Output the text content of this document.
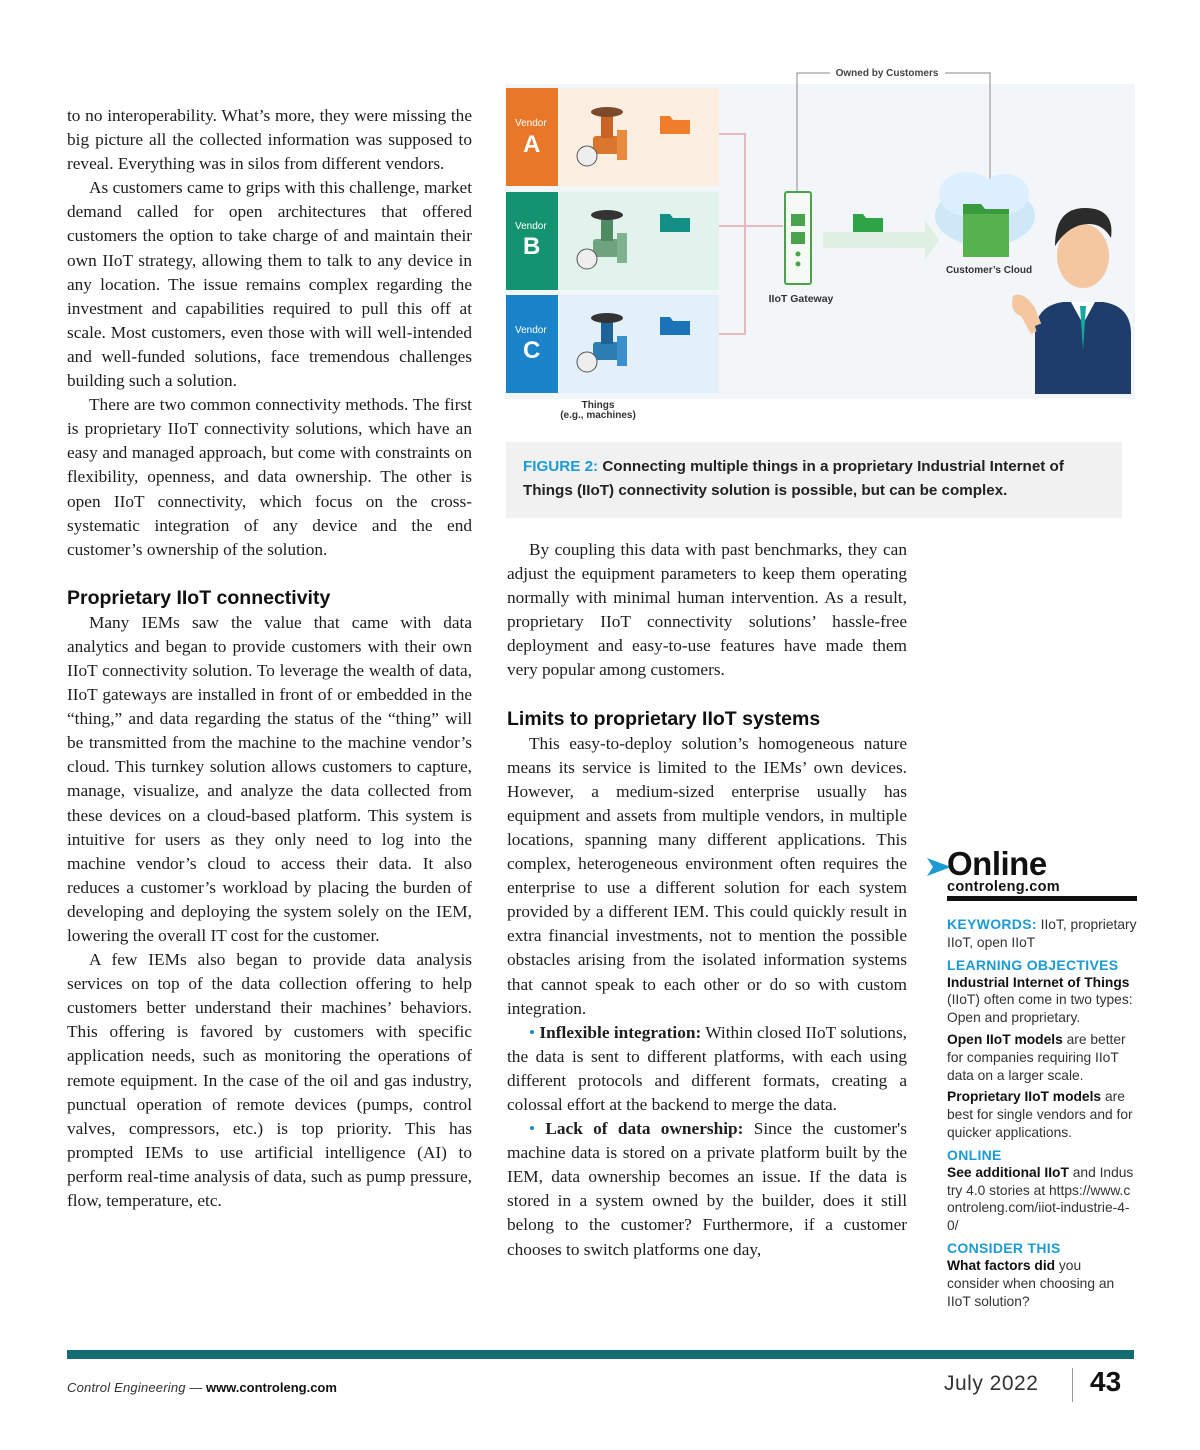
to no interoperability. What’s more, they were missing the big picture all the collected information was supposed to reveal. Everything was in silos from different vendors.

As customers came to grips with this challenge, market demand called for open architectures that offered customers the option to take charge of and maintain their own IIoT strategy, allowing them to talk to any device in any location. The issue remains complex regarding the investment and capabilities required to pull this off at scale. Most customers, even those with will well-intended and well-funded solutions, face tremendous challenges building such a solution.

There are two common connectivity methods. The first is proprietary IIoT connectivity solutions, which have an easy and managed approach, but come with constraints on flexibility, openness, and data ownership. The other is open IIoT connectivity, which focus on the cross-systematic integration of any device and the end customer’s ownership of the solution.

Proprietary IIoT connectivity

Many IEMs saw the value that came with data analytics and began to provide customers with their own IIoT connectivity solution. To leverage the wealth of data, IIoT gateways are installed in front of or embedded in the “thing,” and data regarding the status of the “thing” will be transmitted from the machine to the machine vendor’s cloud. This turnkey solution allows customers to capture, manage, visualize, and analyze the data collected from these devices on a cloud-based platform. This system is intuitive for users as they only need to log into the machine vendor’s cloud to access their data. It also reduces a customer’s workload by placing the burden of developing and deploying the system solely on the IEM, lowering the overall IT cost for the customer.

A few IEMs also began to provide data analysis services on top of the data collection offering to help customers better understand their machines’ behaviors. This offering is favored by customers with specific application needs, such as monitoring the operations of remote equipment. In the case of the oil and gas industry, punctual operation of remote devices (pumps, control valves, compressors, etc.) is top priority. This has prompted IEMs to use artificial intelligence (AI) to perform real-time analysis of data, such as pump pressure, flow, temperature, etc.

Owned by Customers
Vendor
A
Vendor
B
Vendor
C
IIoT Gateway
Customer’s Cloud
Things
(e.g., machines)

FIGURE 2: Connecting multiple things in a proprietary Industrial Internet of Things (IIoT) connectivity solution is possible, but can be complex.

By coupling this data with past benchmarks, they can adjust the equipment parameters to keep them operating normally with minimal human intervention. As a result, proprietary IIoT connectivity solutions’ hassle-free deployment and easy-to-use features have made them very popular among customers.

Limits to proprietary IIoT systems

This easy-to-deploy solution’s homogeneous nature means its service is limited to the IEMs’ own devices. However, a medium-sized enterprise usually has equipment and assets from multiple vendors, in multiple locations, spanning many different applications. This complex, heterogeneous environment often requires the enterprise to use a different solution for each system provided by a different IEM. This could quickly result in extra financial investments, not to mention the possible obstacles arising from the isolated information systems that cannot speak to each other or do so with custom integration.

• Inflexible integration: Within closed IIoT solutions, the data is sent to different platforms, with each using different protocols and different formats, creating a colossal effort at the backend to merge the data.

• Lack of data ownership: Since the customer's machine data is stored on a private platform built by the IEM, data ownership becomes an issue. If the data is stored in a system owned by the builder, does it still belong to the customer? Furthermore, if a customer chooses to switch platforms one day,

Online
controleng.com

KEYWORDS: IIoT, proprietary IIoT, open IIoT

LEARNING OBJECTIVES

Industrial Internet of Things (IIoT) often come in two types: Open and proprietary.

Open IIoT models are better for companies requiring IIoT data on a larger scale.

Proprietary IIoT models are best for single vendors and for quicker applications.

ONLINE

See additional IIoT and Industry 4.0 stories at https://www.controleng.com/iiot-industrie-4-0/

CONSIDER THIS

What factors did you consider when choosing an IIoT solution?

Control Engineering — www.controleng.com	July 2022 43
